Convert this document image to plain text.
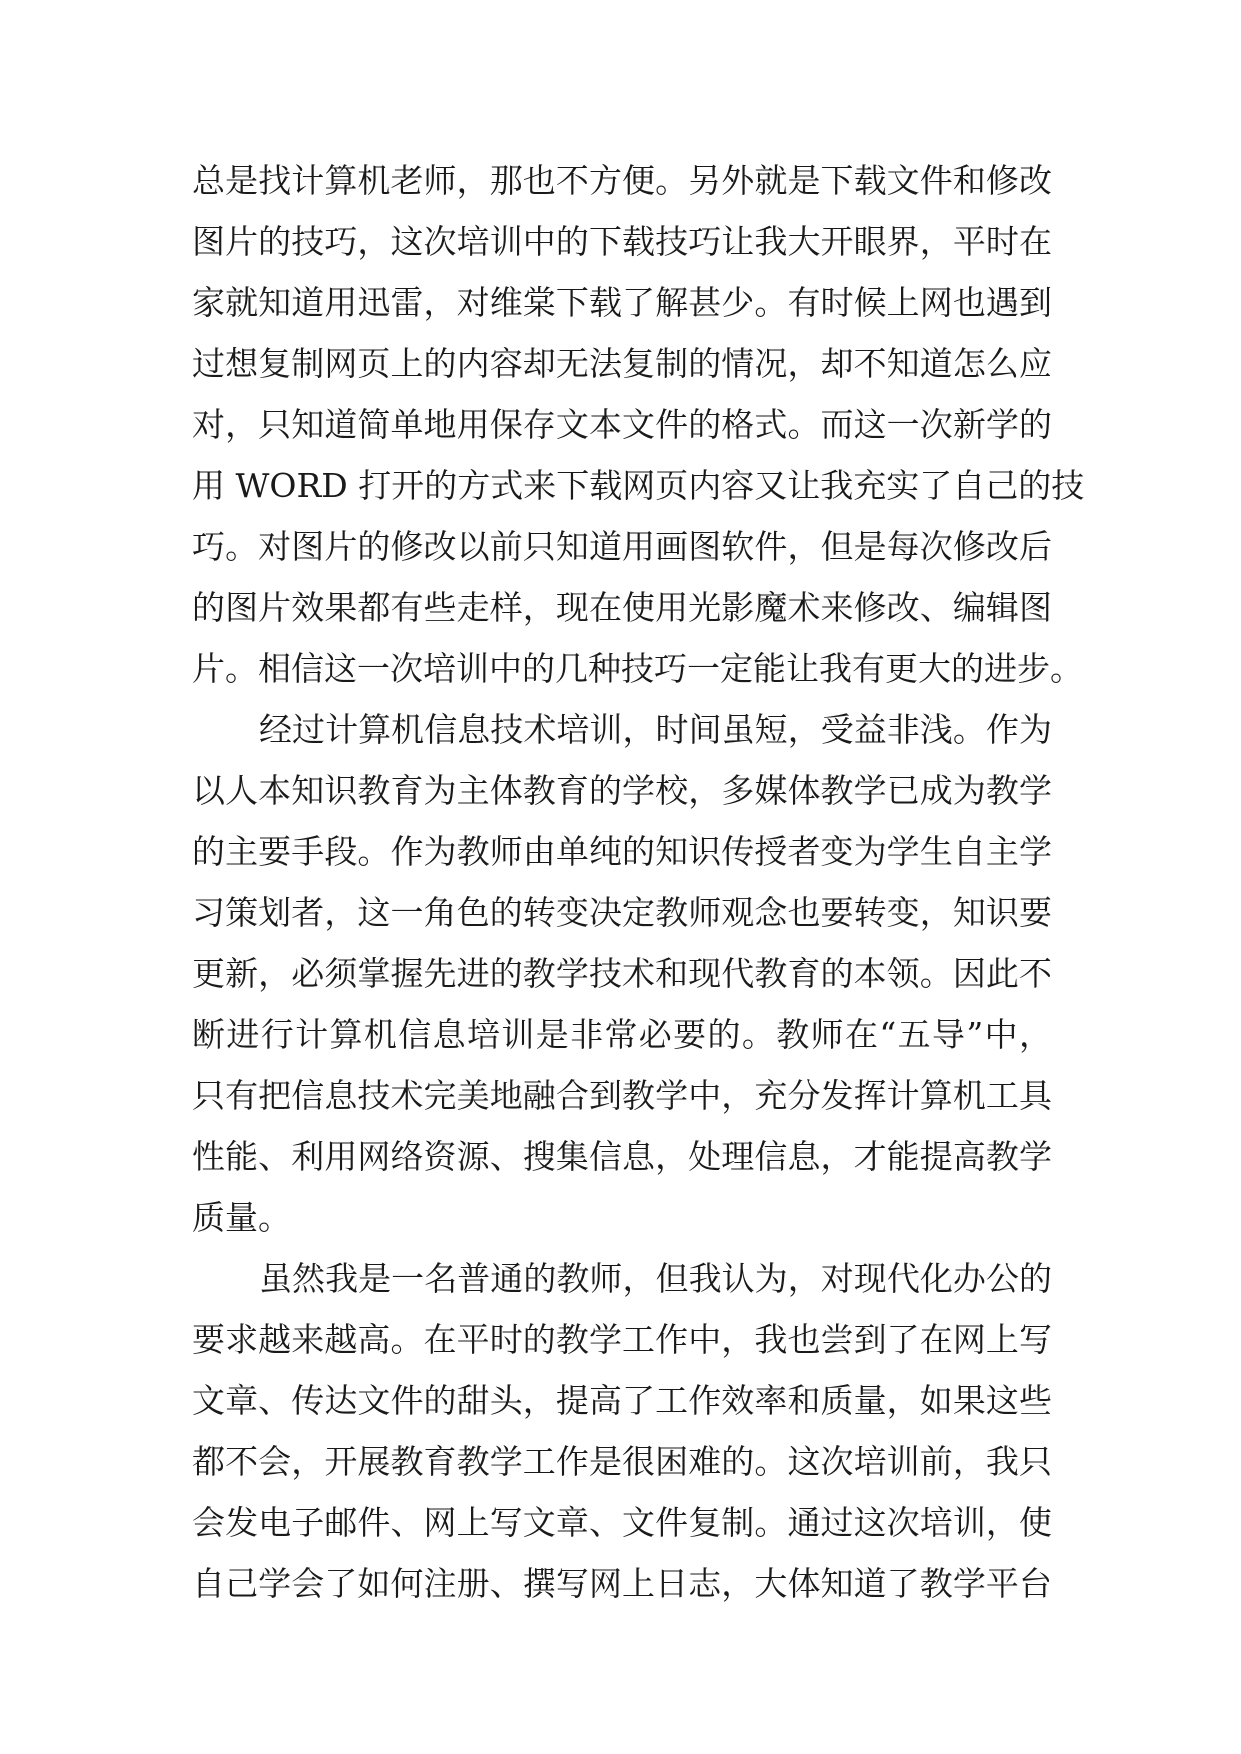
总是找计算机老师，那也不方便。另外就是下载文件和修改
图片的技巧，这次培训中的下载技巧让我大开眼界，平时在
家就知道用迅雷，对维棠下载了解甚少。有时候上网也遇到
过想复制网页上的内容却无法复制的情况，却不知道怎么应
对，只知道简单地用保存文本文件的格式。而这一次新学的
用 WORD 打开的方式来下载网页内容又让我充实了自己的技
巧。对图片的修改以前只知道用画图软件，但是每次修改后
的图片效果都有些走样，现在使用光影魔术来修改、编辑图
片。相信这一次培训中的几种技巧一定能让我有更大的进步。
经过计算机信息技术培训，时间虽短，受益非浅。作为
以人本知识教育为主体教育的学校，多媒体教学已成为教学
的主要手段。作为教师由单纯的知识传授者变为学生自主学
习策划者，这一角色的转变决定教师观念也要转变，知识要
更新，必须掌握先进的教学技术和现代教育的本领。因此不
断进行计算机信息培训是非常必要的。教师在“五导”中，
只有把信息技术完美地融合到教学中，充分发挥计算机工具
性能、利用网络资源、搜集信息，处理信息，才能提高教学
质量。
虽然我是一名普通的教师，但我认为，对现代化办公的
要求越来越高。在平时的教学工作中，我也尝到了在网上写
文章、传达文件的甜头，提高了工作效率和质量，如果这些
都不会，开展教育教学工作是很困难的。这次培训前，我只
会发电子邮件、网上写文章、文件复制。通过这次培训，使
自己学会了如何注册、撰写网上日志，大体知道了教学平台
